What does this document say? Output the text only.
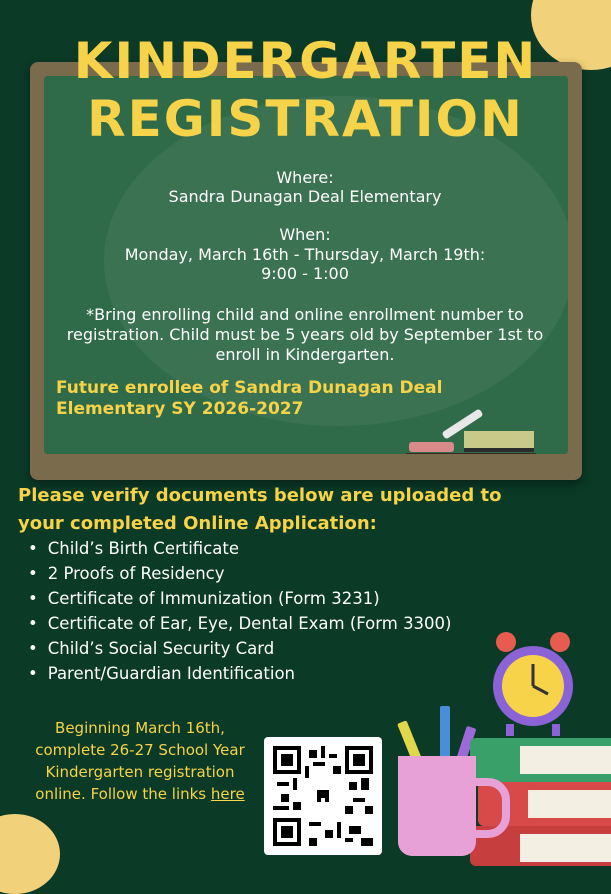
KINDERGARTEN
REGISTRATION
Where:
Sandra Dunagan Deal Elementary
When:
Monday, March 16th - Thursday, March 19th:
9:00 - 1:00
*Bring enrolling child and online enrollment number to registration. Child must be 5 years old by September 1st to enroll in Kindergarten.
Future enrollee of Sandra Dunagan Deal
Elementary SY 2026-2027
Please verify documents below are uploaded to
your completed Online Application:
• Child’s Birth Certificate
• 2 Proofs of Residency
• Certificate of Immunization (Form 3231)
• Certificate of Ear, Eye, Dental Exam (Form 3300)
• Child’s Social Security Card
• Parent/Guardian Identification
Beginning March 16th, complete 26-27 School Year Kindergarten registration online. Follow the links here
